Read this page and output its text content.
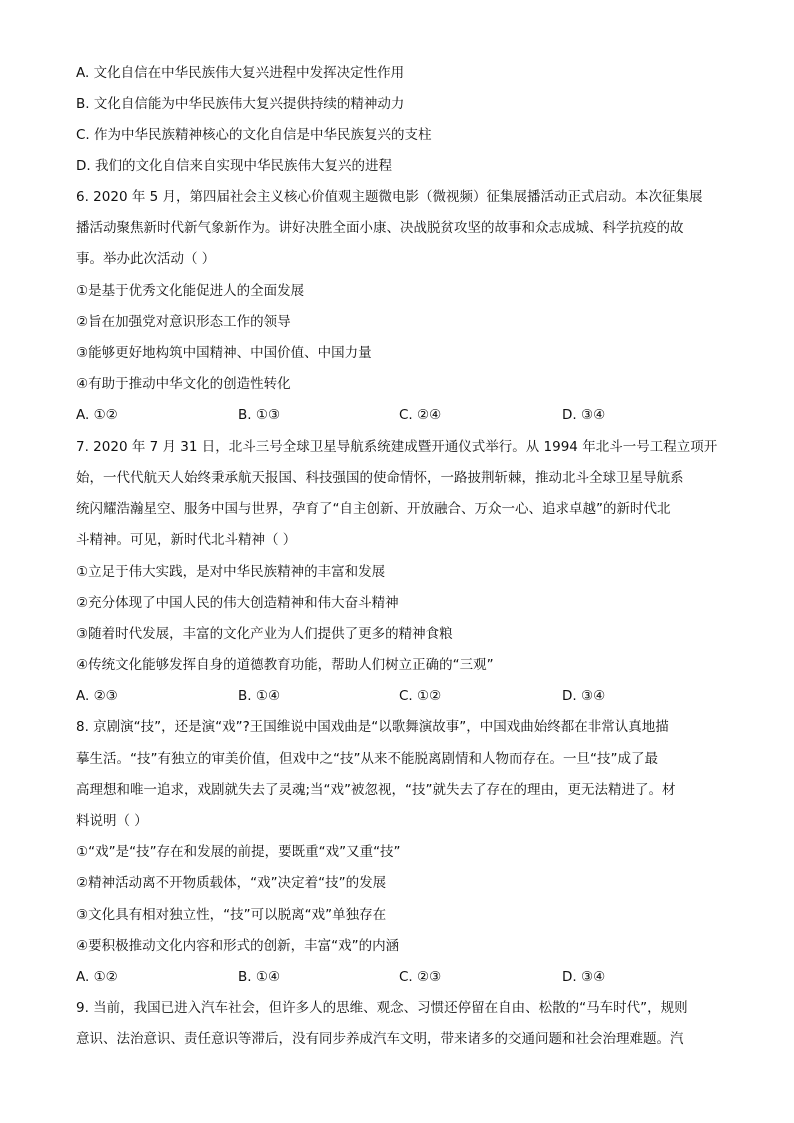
A. 文化自信在中华民族伟大复兴进程中发挥决定性作用
B. 文化自信能为中华民族伟大复兴提供持续的精神动力
C. 作为中华民族精神核心的文化自信是中华民族复兴的支柱
D. 我们的文化自信来自实现中华民族伟大复兴的进程
6. 2020 年 5 月，第四届社会主义核心价值观主题微电影（微视频）征集展播活动正式启动。本次征集展
播活动聚焦新时代新气象新作为。讲好决胜全面小康、决战脱贫攻坚的故事和众志成城、科学抗疫的故
事。举办此次活动（ ）
①是基于优秀文化能促进人的全面发展
②旨在加强党对意识形态工作的领导
③能够更好地构筑中国精神、中国价值、中国力量
④有助于推动中华文化的创造性转化
A. ①②	B. ①③	C. ②④	D. ③④
7. 2020 年 7 月 31 日，北斗三号全球卫星导航系统建成暨开通仪式举行。从 1994 年北斗一号工程立项开
始，一代代航天人始终秉承航天报国、科技强国的使命情怀，一路披荆斩棘，推动北斗全球卫星导航系
统闪耀浩瀚星空、服务中国与世界，孕育了“自主创新、开放融合、万众一心、追求卓越”的新时代北
斗精神。可见，新时代北斗精神（ ）
①立足于伟大实践，是对中华民族精神的丰富和发展
②充分体现了中国人民的伟大创造精神和伟大奋斗精神
③随着时代发展，丰富的文化产业为人们提供了更多的精神食粮
④传统文化能够发挥自身的道德教育功能，帮助人们树立正确的“三观”
A. ②③	B. ①④	C. ①②	D. ③④
8. 京剧演“技”，还是演“戏”?王国维说中国戏曲是“以歌舞演故事”，中国戏曲始终都在非常认真地描
摹生活。“技”有独立的审美价值，但戏中之“技”从来不能脱离剧情和人物而存在。一旦“技”成了最
高理想和唯一追求，戏剧就失去了灵魂;当“戏”被忽视，“技”就失去了存在的理由，更无法精进了。材
料说明（ ）
①“戏”是“技”存在和发展的前提，要既重“戏”又重“技”
②精神活动离不开物质载体，“戏”决定着“技”的发展
③文化具有相对独立性，“技”可以脱离“戏”单独存在
④要积极推动文化内容和形式的创新，丰富“戏”的内涵
A. ①②	B. ①④	C. ②③	D. ③④
9. 当前，我国已进入汽车社会，但许多人的思维、观念、习惯还停留在自由、松散的“马车时代”，规则
意识、法治意识、责任意识等滞后，没有同步养成汽车文明，带来诸多的交通问题和社会治理难题。汽
